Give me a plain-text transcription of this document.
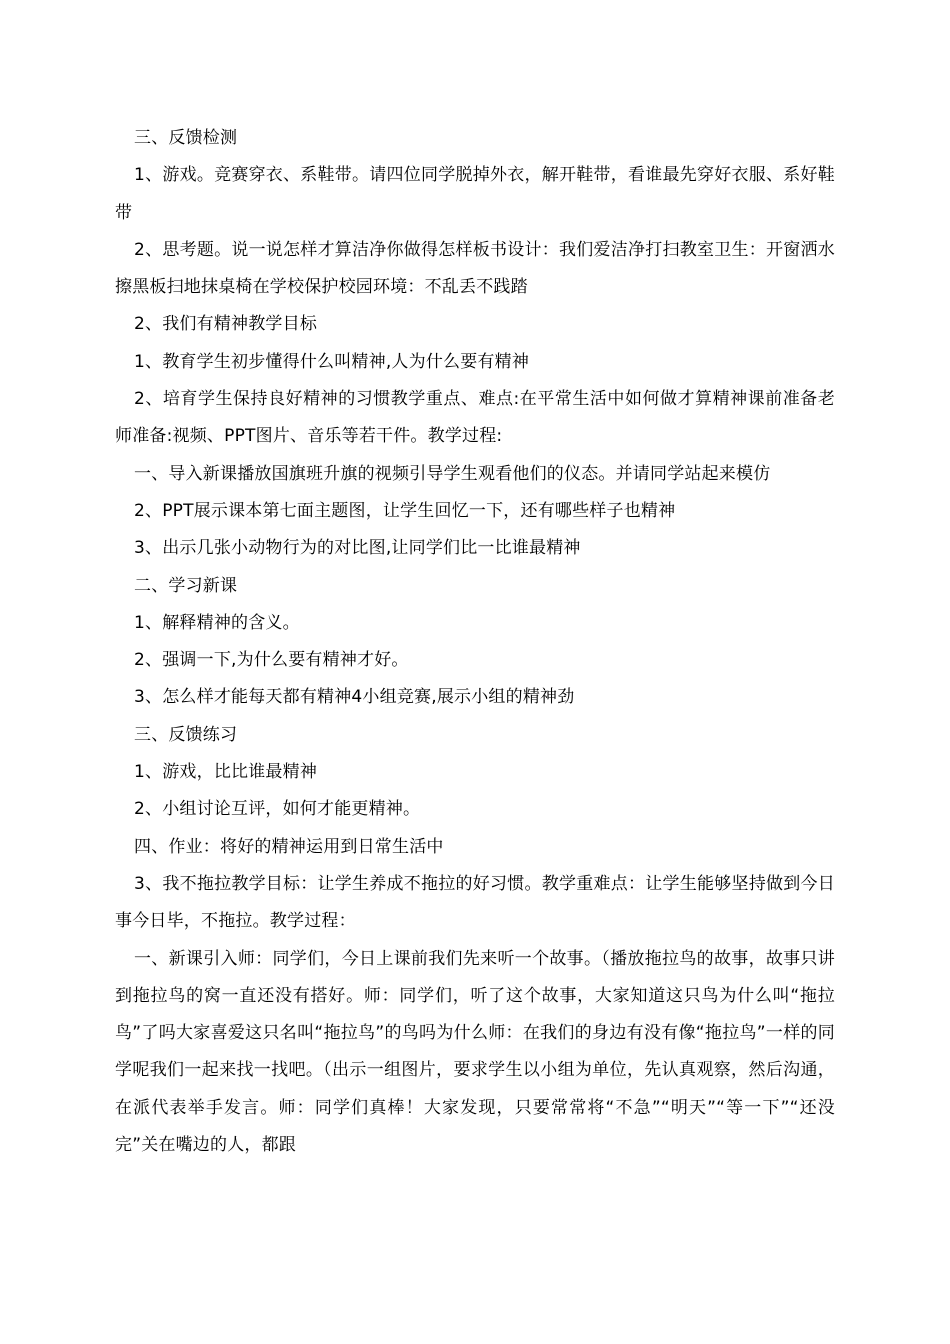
三、反馈检测

1、游戏。竞赛穿衣、系鞋带。请四位同学脱掉外衣，解开鞋带，看谁最先穿好衣服、系好鞋带

2、思考题。说一说怎样才算洁净你做得怎样板书设计：我们爱洁净打扫教室卫生：开窗洒水擦黑板扫地抹桌椅在学校保护校园环境：不乱丢不践踏

2、我们有精神教学目标

1、教育学生初步懂得什么叫精神,人为什么要有精神

2、培育学生保持良好精神的习惯教学重点、难点:在平常生活中如何做才算精神课前准备老师准备:视频、PPT图片、音乐等若干件。教学过程:

一、导入新课播放国旗班升旗的视频引导学生观看他们的仪态。并请同学站起来模仿

2、PPT展示课本第七面主题图，让学生回忆一下，还有哪些样子也精神

3、出示几张小动物行为的对比图,让同学们比一比谁最精神

二、学习新课

1、解释精神的含义。

2、强调一下,为什么要有精神才好。

3、怎么样才能每天都有精神4小组竞赛,展示小组的精神劲

三、反馈练习

1、游戏，比比谁最精神

2、小组讨论互评，如何才能更精神。

四、作业：将好的精神运用到日常生活中

3、我不拖拉教学目标：让学生养成不拖拉的好习惯。教学重难点：让学生能够坚持做到今日事今日毕，不拖拉。教学过程：

一、新课引入师：同学们，今日上课前我们先来听一个故事。（播放拖拉鸟的故事，故事只讲到拖拉鸟的窝一直还没有搭好。师：同学们，听了这个故事，大家知道这只鸟为什么叫“拖拉鸟”了吗大家喜爱这只名叫“拖拉鸟”的鸟吗为什么师：在我们的身边有没有像“拖拉鸟”一样的同学呢我们一起来找一找吧。（出示一组图片，要求学生以小组为单位，先认真观察，然后沟通，在派代表举手发言。师：同学们真棒！大家发现，只要常常将“不急”“明天”“等一下”“还没完”关在嘴边的人，都跟
